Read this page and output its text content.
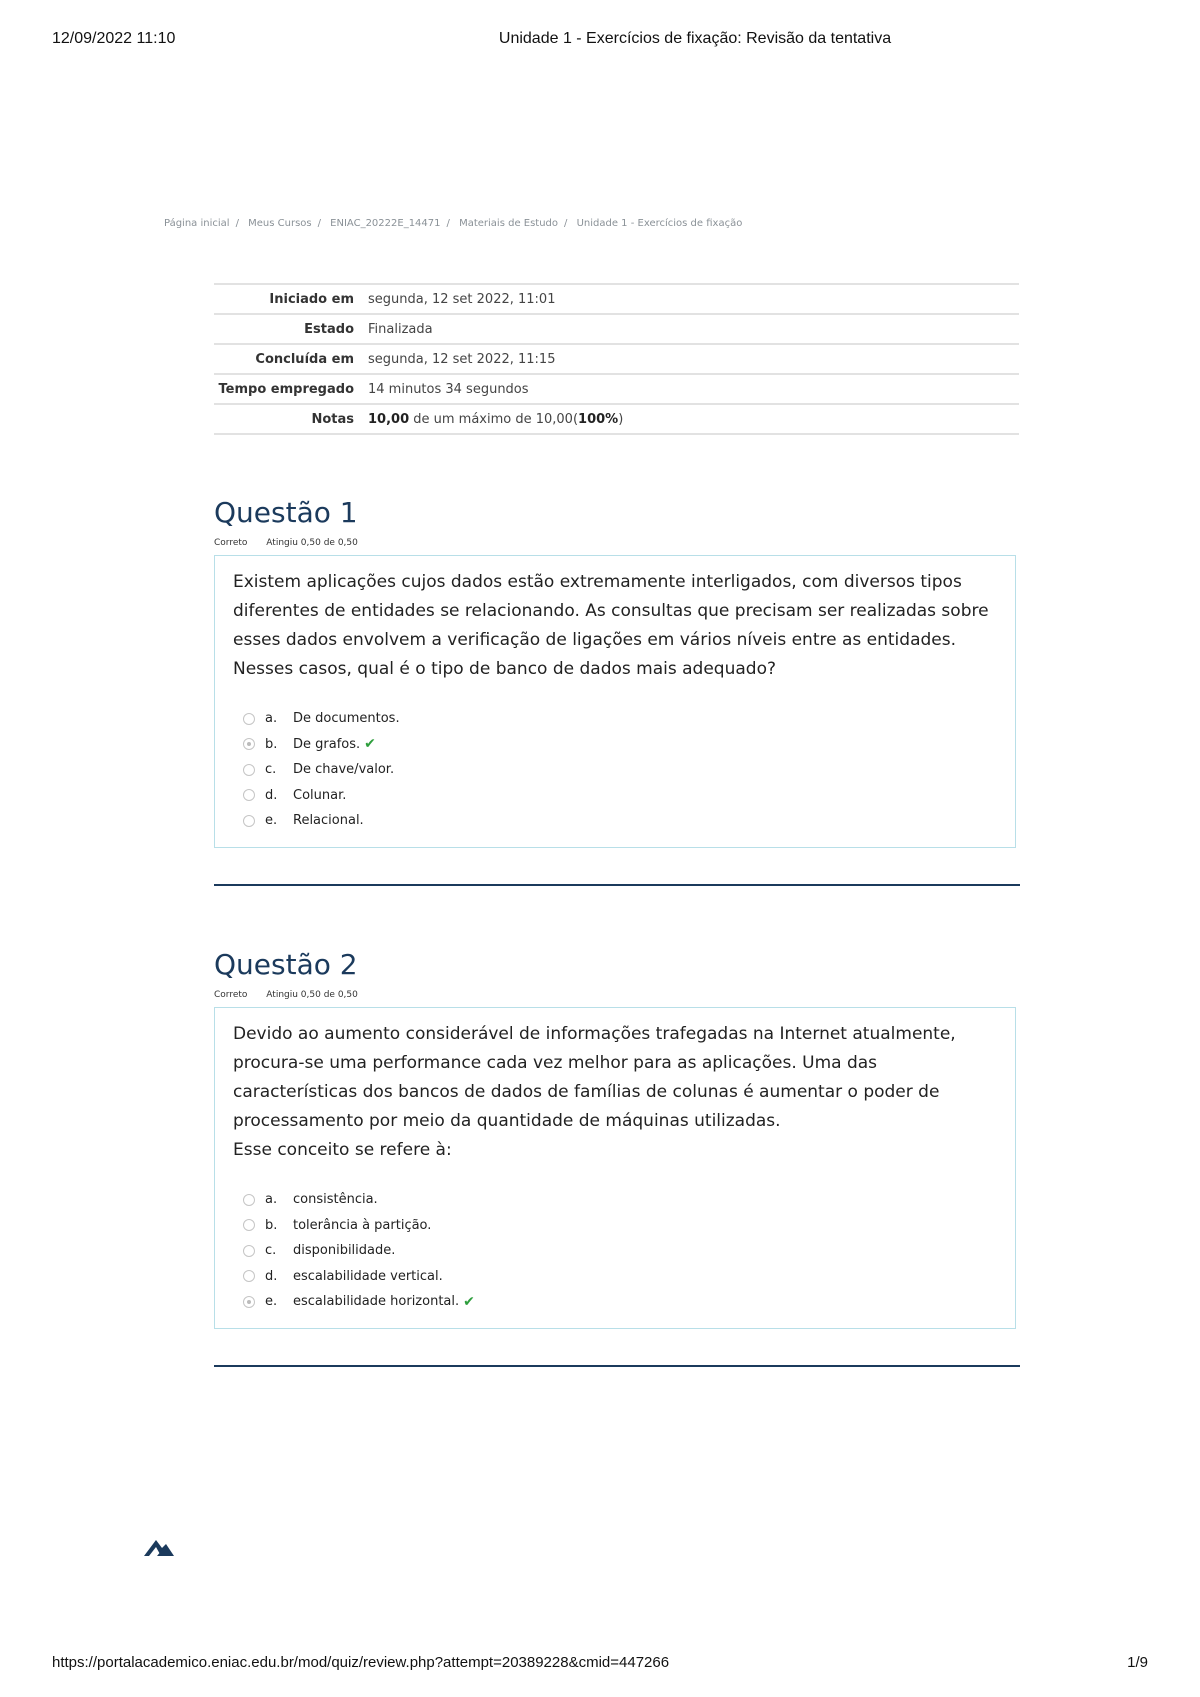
12/09/2022 11:10	Unidade 1 - Exercícios de fixação: Revisão da tentativa
Página inicial / Meus Cursos / ENIAC_20222E_14471 / Materiais de Estudo / Unidade 1 - Exercícios de fixação
Iniciado em	segunda, 12 set 2022, 11:01
Estado	Finalizada
Concluída em	segunda, 12 set 2022, 11:15
Tempo empregado	14 minutos 34 segundos
Notas	10,00 de um máximo de 10,00(100%)
Questão 1
Correto Atingiu 0,50 de 0,50
Existem aplicações cujos dados estão extremamente interligados, com diversos tipos diferentes de entidades se relacionando. As consultas que precisam ser realizadas sobre esses dados envolvem a verificação de ligações em vários níveis entre as entidades. Nesses casos, qual é o tipo de banco de dados mais adequado?
a.	De documentos.
b.	De grafos. ✔
c.	De chave/valor.
d.	Colunar.
e.	Relacional.
Questão 2
Correto Atingiu 0,50 de 0,50
Devido ao aumento considerável de informações trafegadas na Internet atualmente, procura-se uma performance cada vez melhor para as aplicações. Uma das características dos bancos de dados de famílias de colunas é aumentar o poder de processamento por meio da quantidade de máquinas utilizadas.
Esse conceito se refere à:
a.	consistência.
b.	tolerância à partição.
c.	disponibilidade.
d.	escalabilidade vertical.
e.	escalabilidade horizontal. ✔
https://portalacademico.eniac.edu.br/mod/quiz/review.php?attempt=20389228&cmid=447266	1/9
